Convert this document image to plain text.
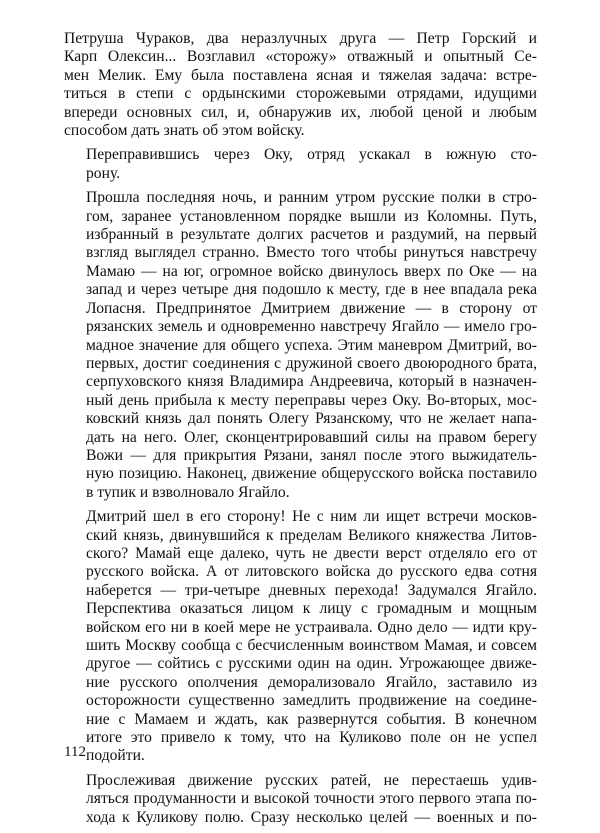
Петруша Чураков, два неразлучных друга — Петр Горский и
Карп Олексин... Возглавил «сторожу» отважный и опытный Се-
мен Мелик. Ему была поставлена ясная и тяжелая задача: встре-
титься в степи с ордынскими сторожевыми отрядами, идущими
впереди основных сил, и, обнаружив их, любой ценой и любым
способом дать знать об этом войску.

Переправившись через Оку, отряд ускакал в южную сто-
рону.

Прошла последняя ночь, и ранним утром русские полки в стро-
гом, заранее установленном порядке вышли из Коломны. Путь,
избранный в результате долгих расчетов и раздумий, на первый
взгляд выглядел странно. Вместо того чтобы ринуться навстречу
Мамаю — на юг, огромное войско двинулось вверх по Оке — на
запад и через четыре дня подошло к месту, где в нее впадала река
Лопасня. Предпринятое Дмитрием движение — в сторону от
рязанских земель и одновременно навстречу Ягайло — имело гро-
мадное значение для общего успеха. Этим маневром Дмитрий, во-
первых, достиг соединения с дружиной своего двоюродного брата,
серпуховского князя Владимира Андреевича, который в назначен-
ный день прибыла к месту переправы через Оку. Во-вторых, мос-
ковский князь дал понять Олегу Рязанскому, что не желает напа-
дать на него. Олег, сконцентрировавший силы на правом берегу
Вожи — для прикрытия Рязани, занял после этого выжидатель-
ную позицию. Наконец, движение общерусского войска поставило
в тупик и взволновало Ягайло.

Дмитрий шел в его сторону! Не с ним ли ищет встречи москов-
ский князь, двинувшийся к пределам Великого княжества Литов-
ского? Мамай еще далеко, чуть не двести верст отделяло его от
русского войска. А от литовского войска до русского едва сотня
наберется — три-четыре дневных перехода! Задумался Ягайло.
Перспектива оказаться лицом к лицу с громадным и мощным
войском его ни в коей мере не устраивала. Одно дело — идти кру-
шить Москву сообща с бесчисленным воинством Мамая, и совсем
другое — сойтись с русскими один на один. Угрожающее движе-
ние русского ополчения деморализовало Ягайло, заставило из
осторожности существенно замедлить продвижение на соедине-
ние с Мамаем и ждать, как развернутся события. В конечном
итоге это привело к тому, что на Куликово поле он не успел
подойти.

Прослеживая движение русских ратей, не перестаешь удив-
ляться продуманности и высокой точности этого первого этапа по-
хода к Куликову полю. Сразу несколько целей — военных и по-

112
